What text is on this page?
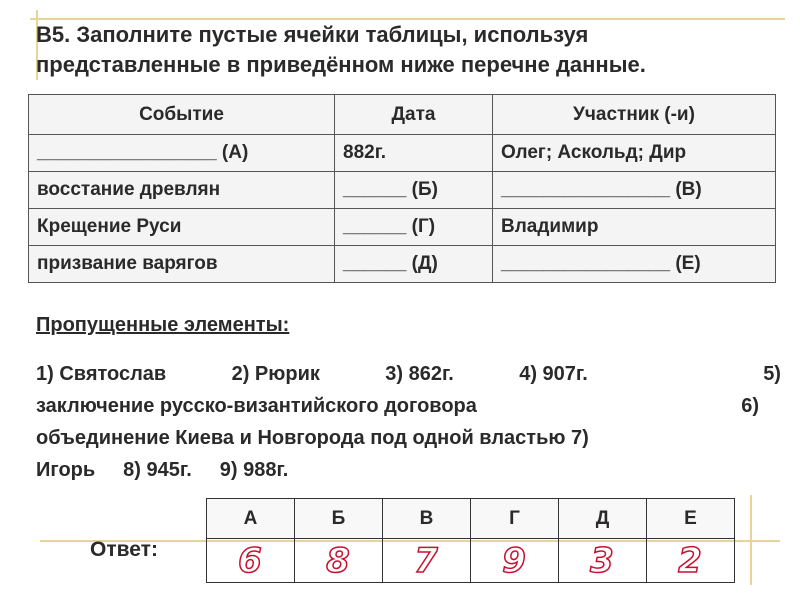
В5. Заполните пустые ячейки таблицы, используя
представленные в приведённом ниже перечне данные.
Событие	Дата	Участник (-и)
_________________ (А)	882г.	Олег; Аскольд; Дир
восстание древлян	______ (Б)	________________ (В)
Крещение Руси	______ (Г)	Владимир
призвание варягов	______ (Д)	________________ (Е)
Пропущенные элементы:
1) Святослав	2) Рюрик	3) 862г.	4) 907г.	5)
заключение русско-византийского договора	6)
объединение Киева и Новгорода под одной властью 7)
Игорь 8) 945г. 9) 988г.
Ответ:
А	Б	В	Г	Д	Е
6	8	7	9	3	2
